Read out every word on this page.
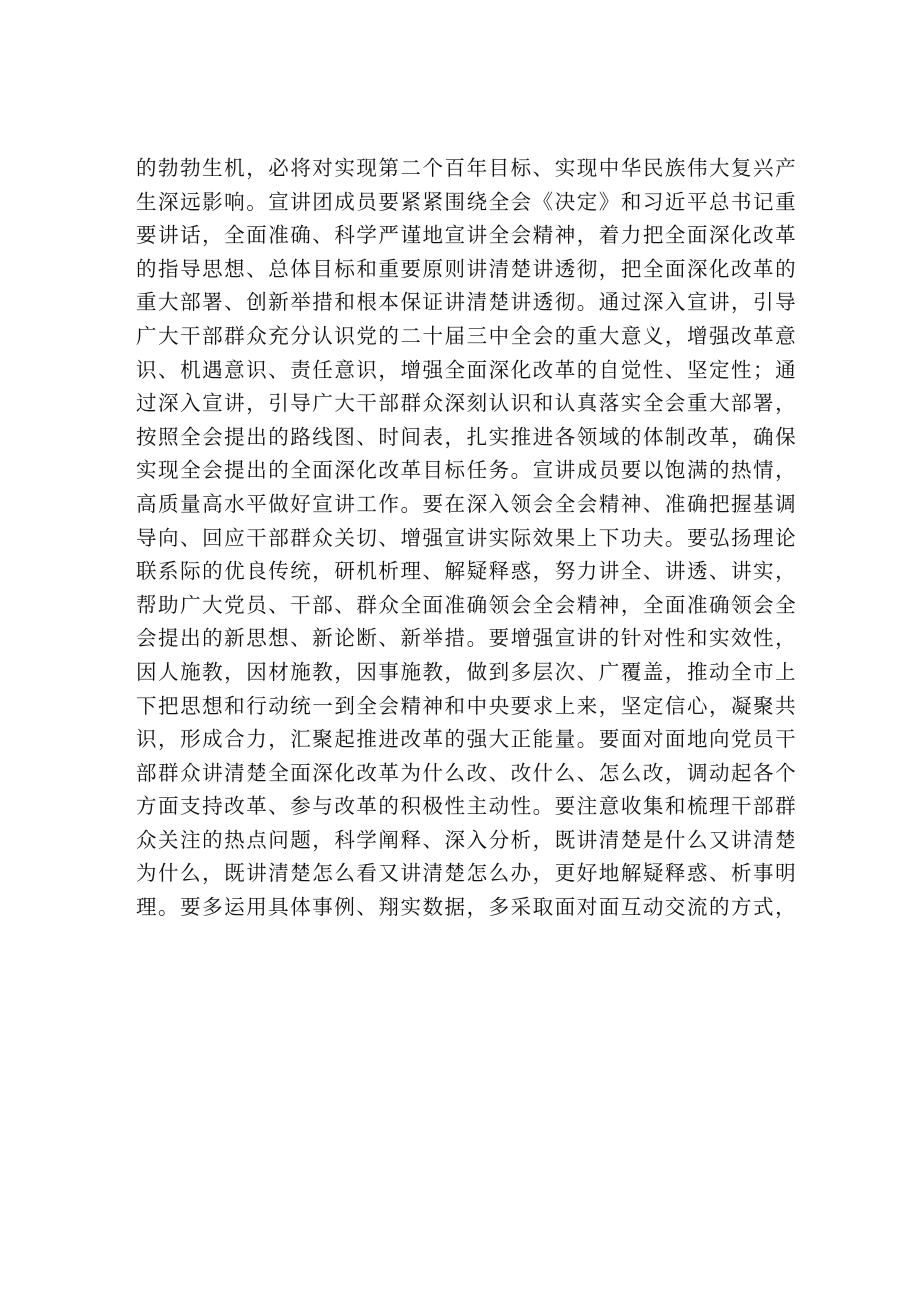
的勃勃生机，必将对实现第二个百年目标、实现中华民族伟大复兴产
生深远影响。宣讲团成员要紧紧围绕全会《决定》和习近平总书记重
要讲话，全面准确、科学严谨地宣讲全会精神，着力把全面深化改革
的指导思想、总体目标和重要原则讲清楚讲透彻，把全面深化改革的
重大部署、创新举措和根本保证讲清楚讲透彻。通过深入宣讲，引导
广大干部群众充分认识党的二十届三中全会的重大意义，增强改革意
识、机遇意识、责任意识，增强全面深化改革的自觉性、坚定性；通
过深入宣讲，引导广大干部群众深刻认识和认真落实全会重大部署，
按照全会提出的路线图、时间表，扎实推进各领域的体制改革，确保
实现全会提出的全面深化改革目标任务。宣讲成员要以饱满的热情，
高质量高水平做好宣讲工作。要在深入领会全会精神、准确把握基调
导向、回应干部群众关切、增强宣讲实际效果上下功夫。要弘扬理论
联系际的优良传统，研机析理、解疑释惑，努力讲全、讲透、讲实，
帮助广大党员、干部、群众全面准确领会全会精神，全面准确领会全
会提出的新思想、新论断、新举措。要增强宣讲的针对性和实效性，
因人施教，因材施教，因事施教，做到多层次、广覆盖，推动全市上
下把思想和行动统一到全会精神和中央要求上来，坚定信心，凝聚共
识，形成合力，汇聚起推进改革的强大正能量。要面对面地向党员干
部群众讲清楚全面深化改革为什么改、改什么、怎么改，调动起各个
方面支持改革、参与改革的积极性主动性。要注意收集和梳理干部群
众关注的热点问题，科学阐释、深入分析，既讲清楚是什么又讲清楚
为什么，既讲清楚怎么看又讲清楚怎么办，更好地解疑释惑、析事明
理。要多运用具体事例、翔实数据，多采取面对面互动交流的方式，
